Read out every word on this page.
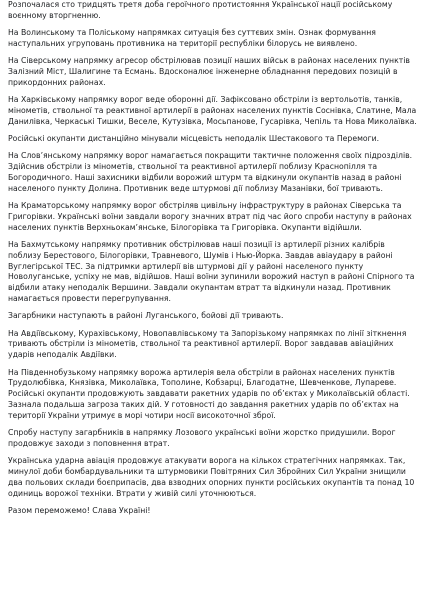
Розпочалася сто тридцять третя доба героїчного протистояння Української нації російському воєнному вторгненню.

На Волинському та Поліському напрямках ситуація без суттєвих змін. Ознак формування наступальних угруповань противника на території республіки білорусь не виявлено.

На Сіверському напрямку агресор обстрілював позиції наших військ в районах населених пунктів Залізний Міст, Шалигине та Есмань. Вдосконалює інженерне обладнання передових позицій в прикордонних районах.

На Харківському напрямку ворог веде оборонні дії. Зафіксовано обстріли із вертольотів, танків, мінометів, ствольної та реактивної артилерії в районах населених пунктів Соснівка, Слатине, Мала Данилівка, Черкаські Тишки, Веселе, Кутузівка, Мосьпанове, Гусарівка, Чепіль та Нова Миколаївка.

Російські окупанти дистанційно мінували місцевість неподалік Шестакового та Перемоги.

На Слов’янському напрямку ворог намагається покращити тактичне положення своїх підрозділів. Здійснив обстріли із мінометів, ствольної та реактивної артилерії поблизу Краснопілля та Богородичного. Наші захисники відбили ворожий штурм та відкинули окупантів назад в районі населеного пункту Долина. Противник веде штурмові дії поблизу Мазанівки, бої тривають.

На Краматорському напрямку ворог обстріляв цивільну інфраструктуру в районах Сіверська та Григорівки. Українські воїни завдали ворогу значних втрат під час його спроби наступу в районах населених пунктів Верхньокам’янське, Білогорівка та Григорівка. Окупанти відійшли.

На Бахмутському напрямку противник обстрілював наші позиції із артилерії різних калібрів поблизу Берестового, Білогорівки, Травневого, Шумів і Нью-Йорка. Завдав авіаудару в районі Вуглегірської ТЕС. За підтримки артилерії вів штурмові дії у районі населеного пункту Новолуганське, успіху не мав, відійшов. Наші воїни зупинили ворожий наступ в районі Спірного та відбили атаку неподалік Вершини. Завдали окупантам втрат та відкинули назад. Противник намагається провести перегрупування.

Загарбники наступають в районі Луганського, бойові дії тривають.

На Авдіївському, Курахівському, Новопавлівському та Запорізькому напрямках по лінії зіткнення тривають обстріли із мінометів, ствольної та реактивної артилерії. Ворог завдавав авіаційних ударів неподалік Авдіївки.

На Південнобузькому напрямку ворожа артилерія вела обстріли в районах населених пунктів Трудолюбівка, Князівка, Миколаївка, Тополине, Кобзарці, Благодатне, Шевченкове, Лупареве. Російські окупанти продовжують завдавати ракетних ударів по об’єктах у Миколаївській області. Зазнала подальша загроза таких дій. У готовності до завдання ракетних ударів по об’єктах на території України утримує в морі чотири носії високоточної зброї.

Спробу наступу загарбників в напрямку Лозового українські воїни жорстко придушили. Ворог продовжує заходи з поповнення втрат.

Українська ударна авіація продовжує атакувати ворога на кількох стратегічних напрямках. Так, минулої доби бомбардувальники та штурмовики Повітряних Сил Збройних Сил України знищили два польових склади боєприпасів, два взводних опорних пункти російських окупантів та понад 10 одиниць ворожої техніки. Втрати у живій силі уточнюються.

Разом переможемо! Слава Україні!
